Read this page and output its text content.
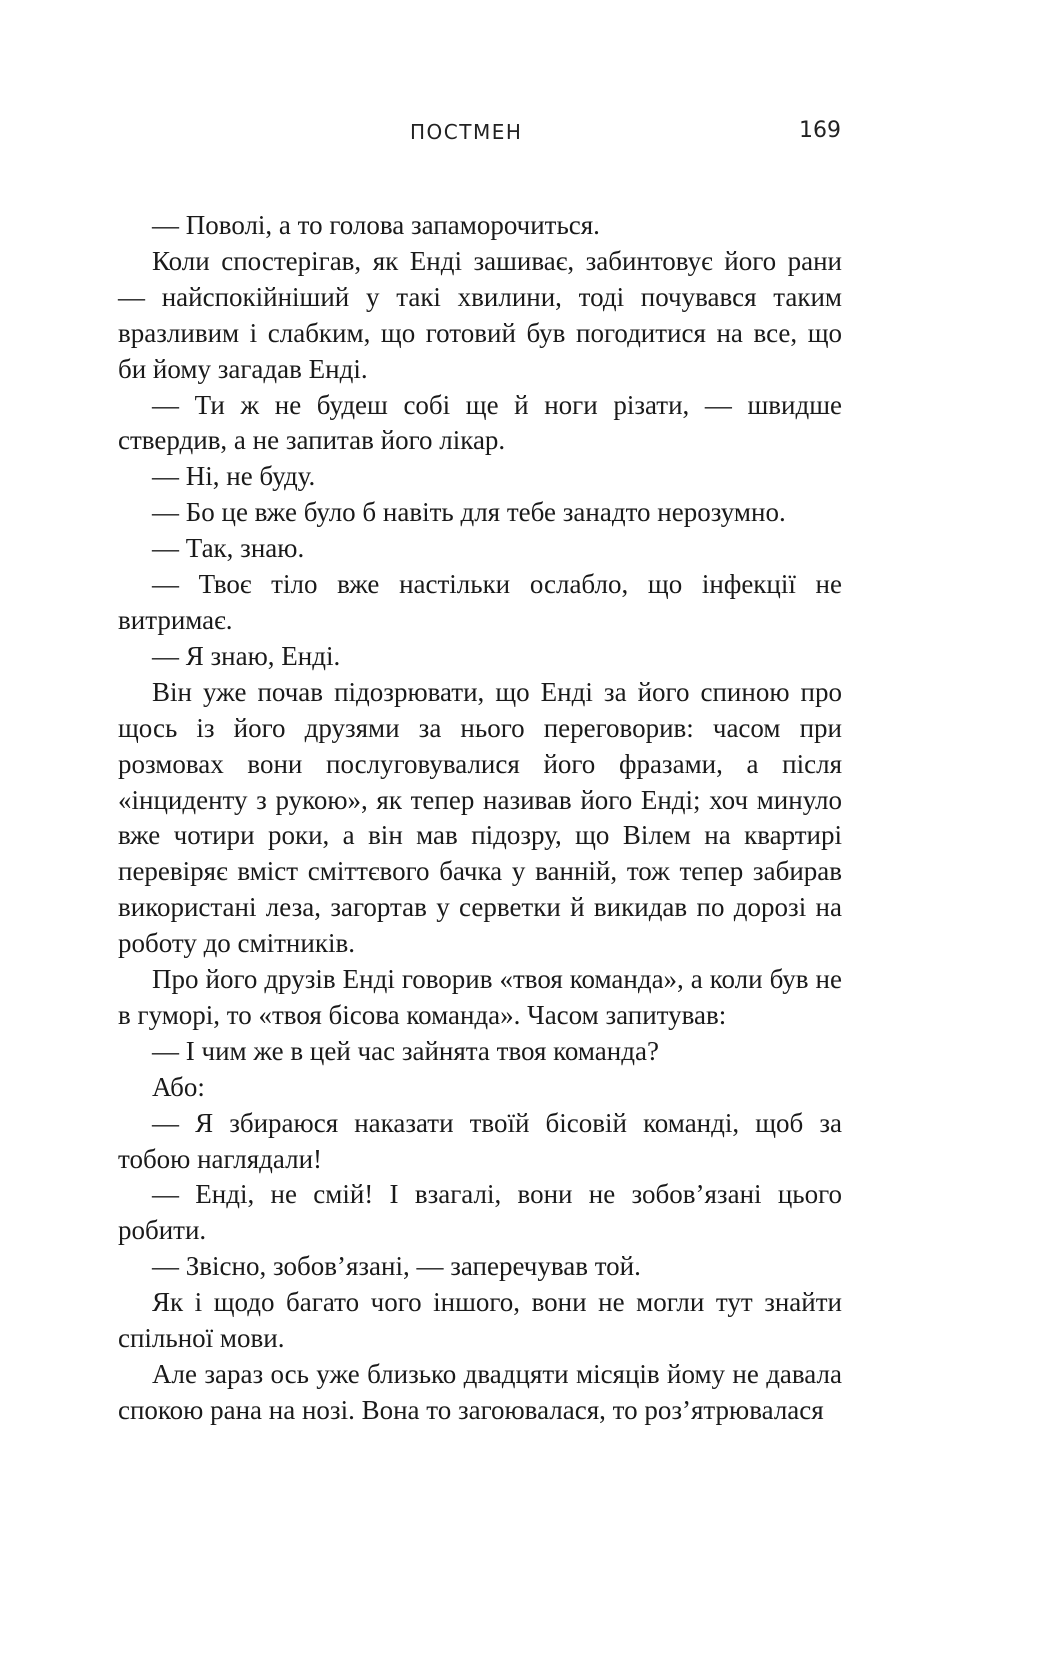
ПОСТМЕН	169

— Поволі, а то голова запаморочиться.

Коли спостерігав, як Енді зашиває, забинтовує його рани — найспокійніший у такі хвилини, тоді почувався таким вразливим і слабким, що готовий був погодитися на все, що би йому загадав Енді.

— Ти ж не будеш собі ще й ноги різати, — швидше ствердив, а не запитав його лікар.

— Ні, не буду.

— Бо це вже було б навіть для тебе занадто нерозумно.

— Так, знаю.

— Твоє тіло вже настільки ослабло, що інфекції не витримає.

— Я знаю, Енді.

Він уже почав підозрювати, що Енді за його спиною про щось із його друзями за нього переговорив: часом при розмовах вони послуговувалися його фразами, а після «інциденту з рукою», як тепер називав його Енді; хоч минуло вже чотири роки, а він мав підозру, що Вілем на квартирі перевіряє вміст сміттєвого бачка у ванній, тож тепер забирав використані леза, загортав у серветки й викидав по дорозі на роботу до смітників.

Про його друзів Енді говорив «твоя команда», а коли був не в гуморі, то «твоя бісова команда». Часом запитував:

— І чим же в цей час зайнята твоя команда?

Або:

— Я збираюся наказати твоїй бісовій команді, щоб за тобою наглядали!

— Енді, не смій! І взагалі, вони не зобов’язані цього робити.

— Звісно, зобов’язані, — заперечував той.

Як і щодо багато чого іншого, вони не могли тут знайти спільної мови.

Але зараз ось уже близько двадцяти місяців йому не давала спокою рана на нозі. Вона то загоювалася, то роз’ятрювалася
